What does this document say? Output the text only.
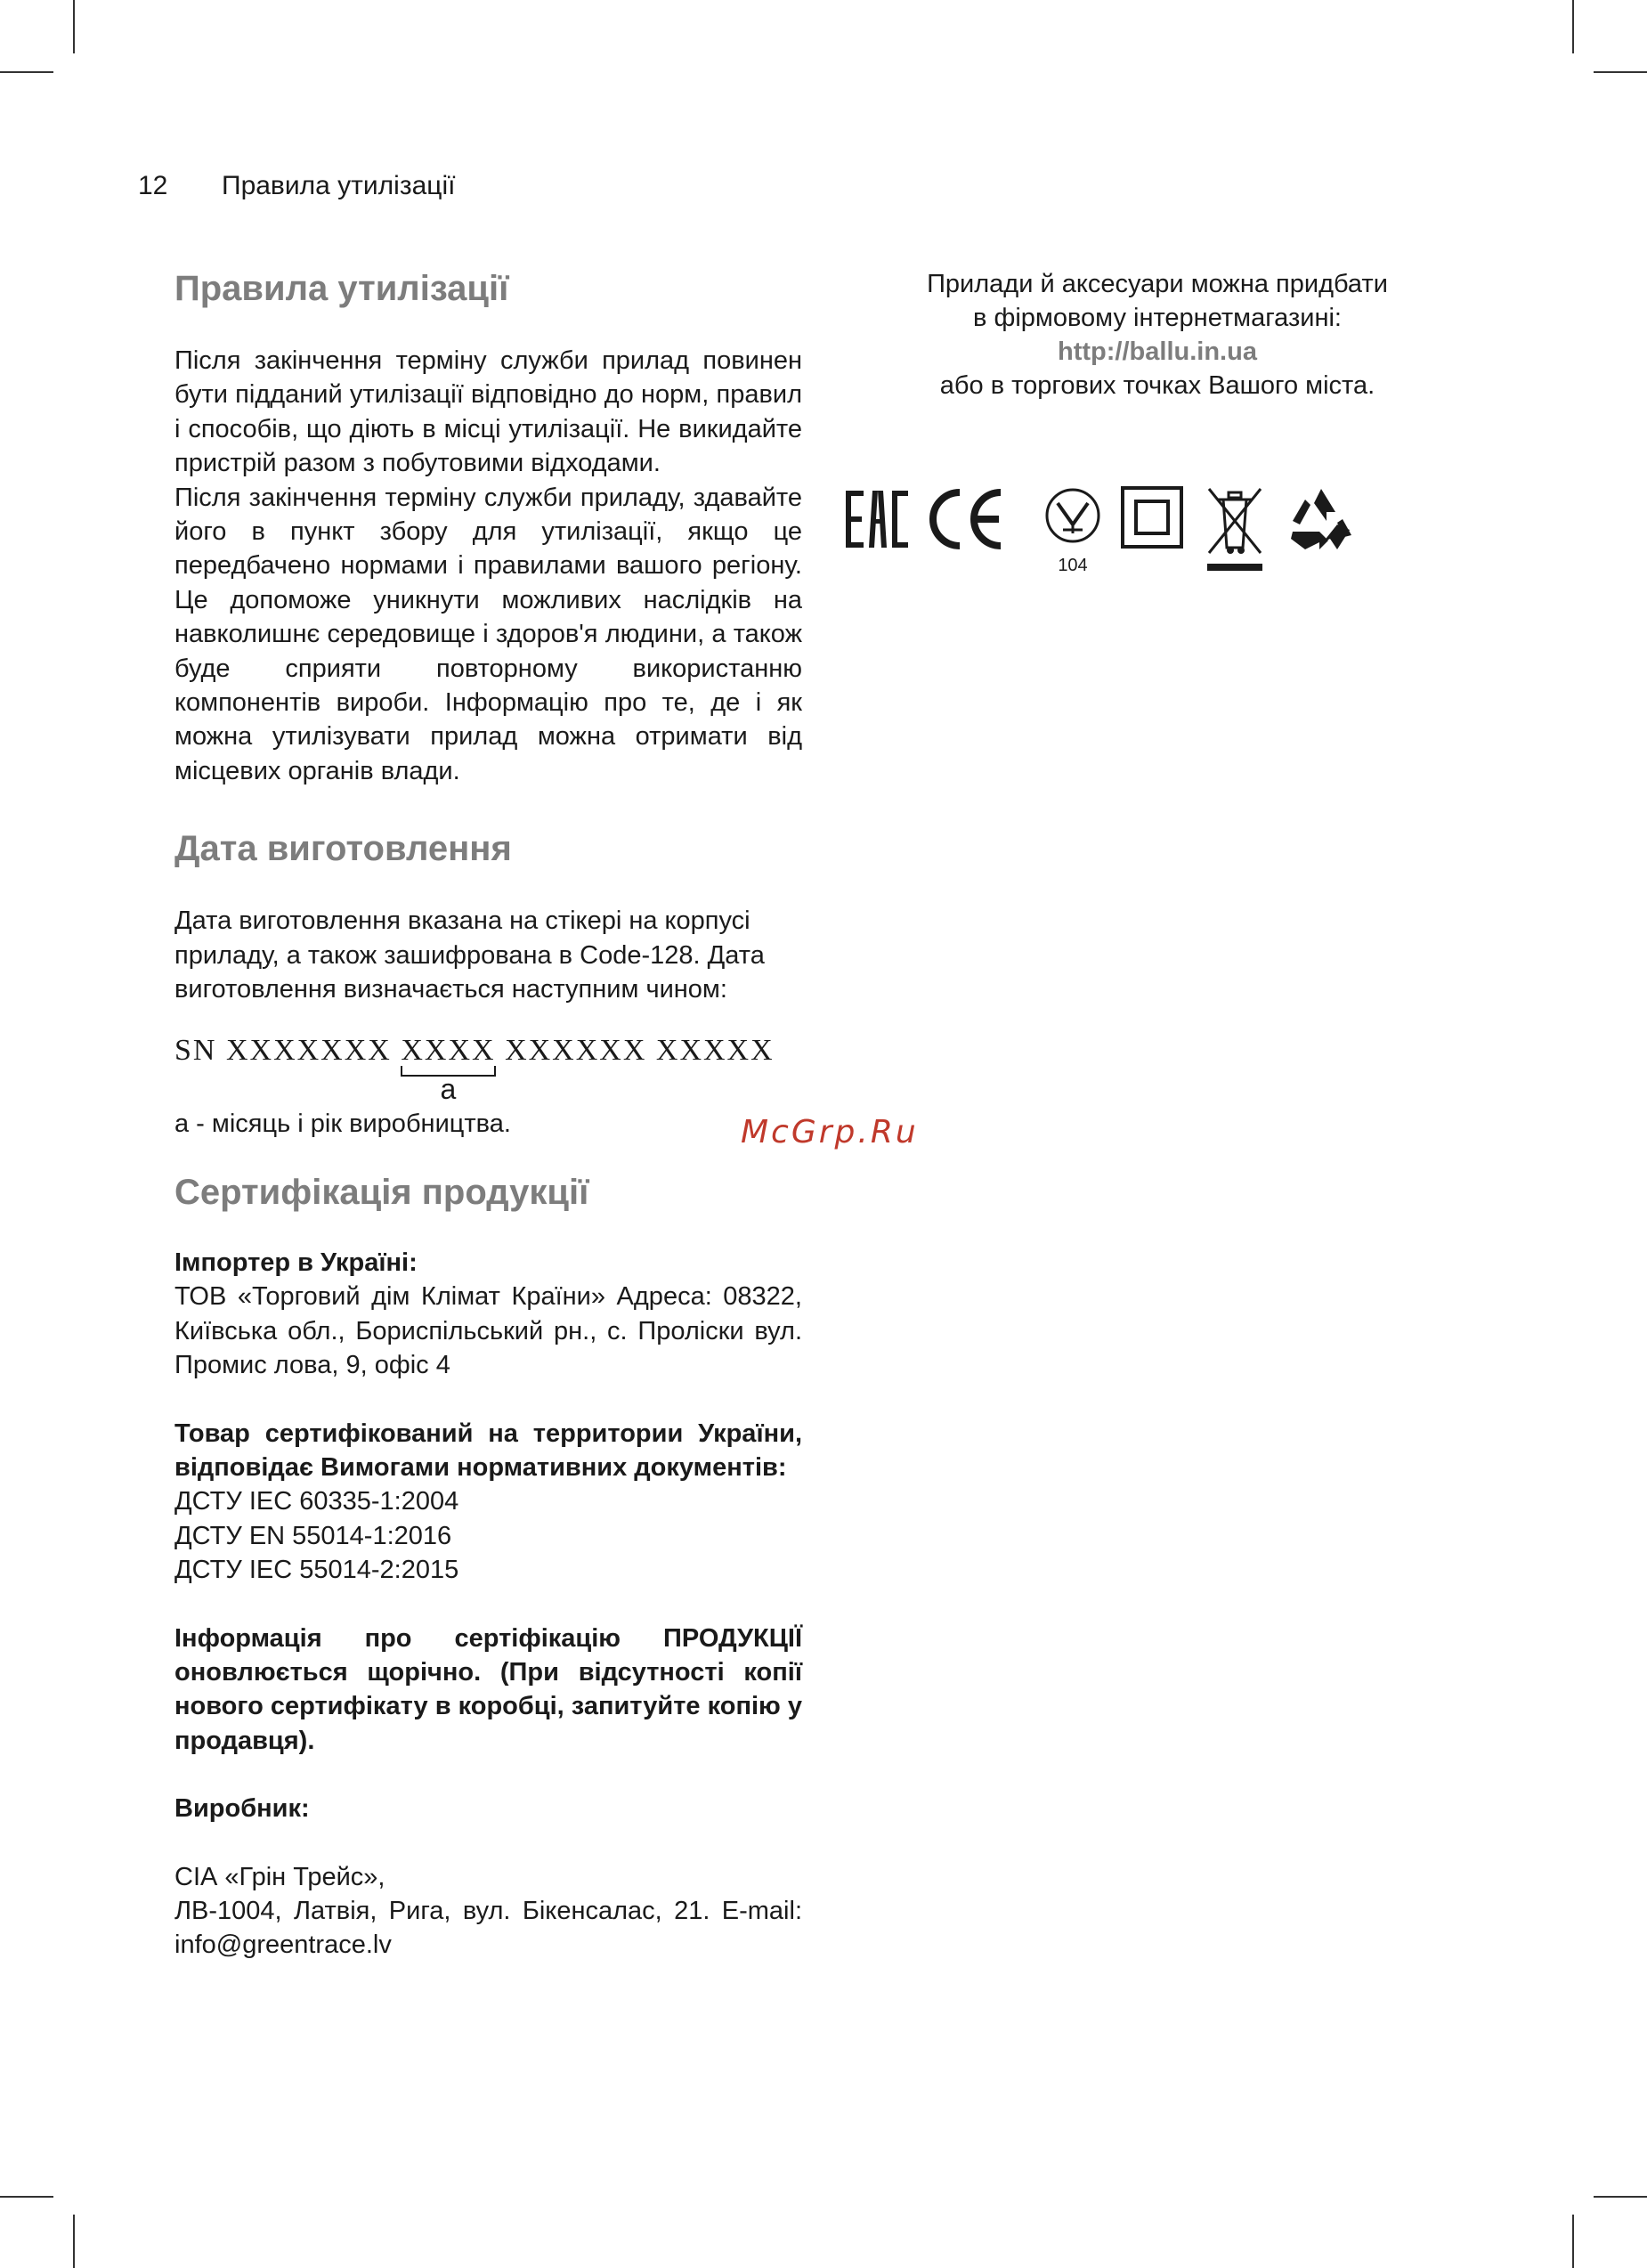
12 Правила утилізації
Правила утилізації

Після закінчення терміну служби прилад повинен бути підданий утилізації відповідно до норм, правил і способів, що діють в місці утилізації. Не викидайте пристрій разом з побутовими відходами.

Після закінчення терміну служби приладу, здавайте його в пункт збору для утилізації, якщо це передбачено нормами і правилами вашого регіону. Це допоможе уникнути можливих наслідків на навколишнє середовище і здоров'я людини, а також буде сприяти повторному використанню компонентів вироби. Інформацію про те, де і як можна утилізувати прилад можна отримати від місцевих органів влади.

Дата виготовлення

Дата виготовлення вказана на стікері на корпусі приладу, а також зашифрована в Code-128. Дата виготовлення визначається наступним чином:

SN XXXXXXX XXXX
a
XXXXXX XXXXX

a - місяць і рік виробництва.

Сертифікація продукції

Імпортер в Україні:

ТОВ «Торговий дім Клімат Країни» Адреса: 08322, Київська обл., Бориспільський рн., с. Проліски вул. Промис лова, 9, офіс 4

Товар сертифікований на территории України, відповідає Вимогами нормативних документів:

ДСТУ IEC 60335-1:2004

ДСТУ EN 55014-1:2016

ДСТУ IEC 55014-2:2015

Інформація про сертіфікацію ПРОДУКЦІЇ оновлюється щорічно. (При відсутності копії нового сертифікату в коробці, запитуйте копію у продавця).

Виробник:

СІА «Грін Трейс»,

ЛВ-1004, Латвія, Рига, вул. Бікенсалас, 21. E-mail: info@greentrace.lv

Прилади й аксесуари можна придбати
в фірмовому інтернетмагазині:
http://ballu.in.ua
або в торгових точках Вашого міста.
104
McGrp.Ru
